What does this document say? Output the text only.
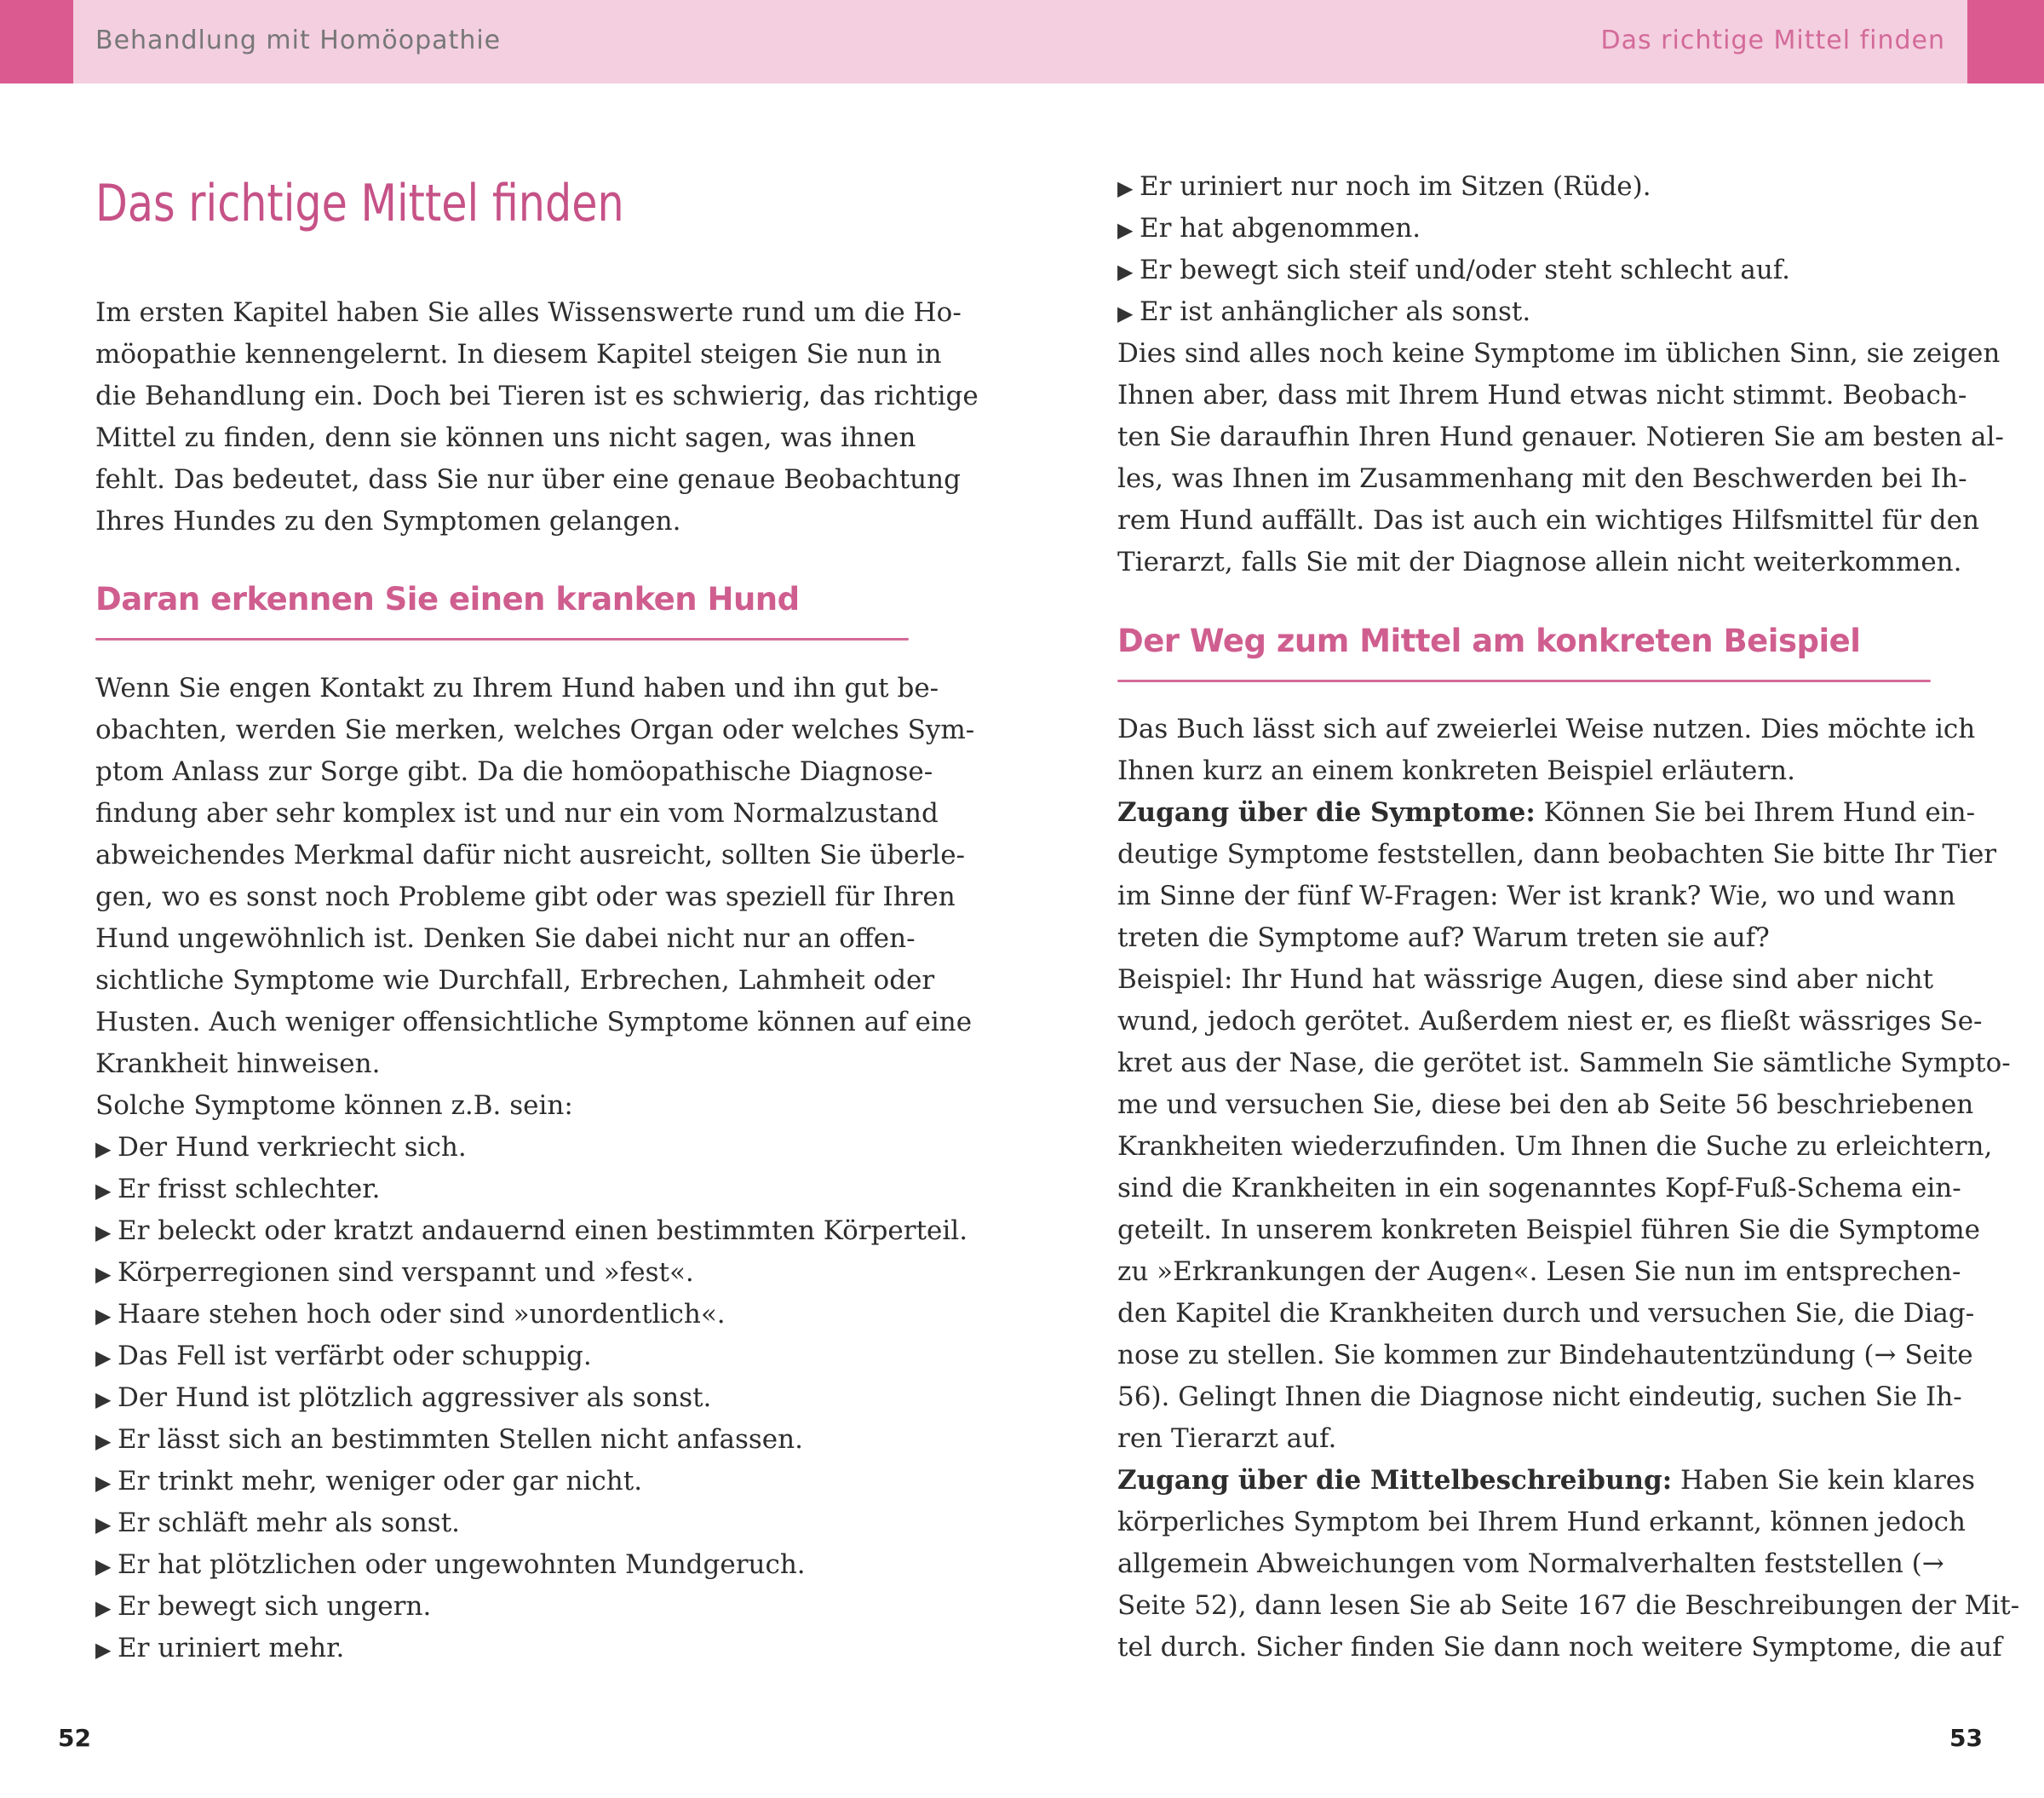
Behandlung mit Homöopathie	Das richtige Mittel finden
Das richtige Mittel finden
Im ersten Kapitel haben Sie alles Wissenswerte rund um die Ho-
möopathie kennengelernt. In diesem Kapitel steigen Sie nun in
die Behandlung ein. Doch bei Tieren ist es schwierig, das richtige
Mittel zu finden, denn sie können uns nicht sagen, was ihnen
fehlt. Das bedeutet, dass Sie nur über eine genaue Beobachtung
Ihres Hundes zu den Symptomen gelangen.
Daran erkennen Sie einen kranken Hund
Wenn Sie engen Kontakt zu Ihrem Hund haben und ihn gut be-
obachten, werden Sie merken, welches Organ oder welches Sym-
ptom Anlass zur Sorge gibt. Da die homöopathische Diagnose-
findung aber sehr komplex ist und nur ein vom Normalzustand
abweichendes Merkmal dafür nicht ausreicht, sollten Sie überle-
gen, wo es sonst noch Probleme gibt oder was speziell für Ihren
Hund ungewöhnlich ist. Denken Sie dabei nicht nur an offen-
sichtliche Symptome wie Durchfall, Erbrechen, Lahmheit oder
Husten. Auch weniger offensichtliche Symptome können auf eine
Krankheit hinweisen.
Solche Symptome können z.B. sein:
▶ Der Hund verkriecht sich.
▶ Er frisst schlechter.
▶ Er beleckt oder kratzt andauernd einen bestimmten Körperteil.
▶ Körperregionen sind verspannt und »fest«.
▶ Haare stehen hoch oder sind »unordentlich«.
▶ Das Fell ist verfärbt oder schuppig.
▶ Der Hund ist plötzlich aggressiver als sonst.
▶ Er lässt sich an bestimmten Stellen nicht anfassen.
▶ Er trinkt mehr, weniger oder gar nicht.
▶ Er schläft mehr als sonst.
▶ Er hat plötzlichen oder ungewohnten Mundgeruch.
▶ Er bewegt sich ungern.
▶ Er uriniert mehr.
52
▶ Er uriniert nur noch im Sitzen (Rüde).
▶ Er hat abgenommen.
▶ Er bewegt sich steif und/oder steht schlecht auf.
▶ Er ist anhänglicher als sonst.
Dies sind alles noch keine Symptome im üblichen Sinn, sie zeigen
Ihnen aber, dass mit Ihrem Hund etwas nicht stimmt. Beobach-
ten Sie daraufhin Ihren Hund genauer. Notieren Sie am besten al-
les, was Ihnen im Zusammenhang mit den Beschwerden bei Ih-
rem Hund auffällt. Das ist auch ein wichtiges Hilfsmittel für den
Tierarzt, falls Sie mit der Diagnose allein nicht weiterkommen.
Der Weg zum Mittel am konkreten Beispiel
Das Buch lässt sich auf zweierlei Weise nutzen. Dies möchte ich
Ihnen kurz an einem konkreten Beispiel erläutern.
Zugang über die Symptome: Können Sie bei Ihrem Hund ein-
deutige Symptome feststellen, dann beobachten Sie bitte Ihr Tier
im Sinne der fünf W-Fragen: Wer ist krank? Wie, wo und wann
treten die Symptome auf? Warum treten sie auf?
Beispiel: Ihr Hund hat wässrige Augen, diese sind aber nicht
wund, jedoch gerötet. Außerdem niest er, es fließt wässriges Se-
kret aus der Nase, die gerötet ist. Sammeln Sie sämtliche Sympto-
me und versuchen Sie, diese bei den ab Seite 56 beschriebenen
Krankheiten wiederzufinden. Um Ihnen die Suche zu erleichtern,
sind die Krankheiten in ein sogenanntes Kopf-Fuß-Schema ein-
geteilt. In unserem konkreten Beispiel führen Sie die Symptome
zu »Erkrankungen der Augen«. Lesen Sie nun im entsprechen-
den Kapitel die Krankheiten durch und versuchen Sie, die Diag-
nose zu stellen. Sie kommen zur Bindehautentzündung (→ Seite
56). Gelingt Ihnen die Diagnose nicht eindeutig, suchen Sie Ih-
ren Tierarzt auf.
Zugang über die Mittelbeschreibung: Haben Sie kein klares
körperliches Symptom bei Ihrem Hund erkannt, können jedoch
allgemein Abweichungen vom Normalverhalten feststellen (→
Seite 52), dann lesen Sie ab Seite 167 die Beschreibungen der Mit-
tel durch. Sicher finden Sie dann noch weitere Symptome, die auf
53
